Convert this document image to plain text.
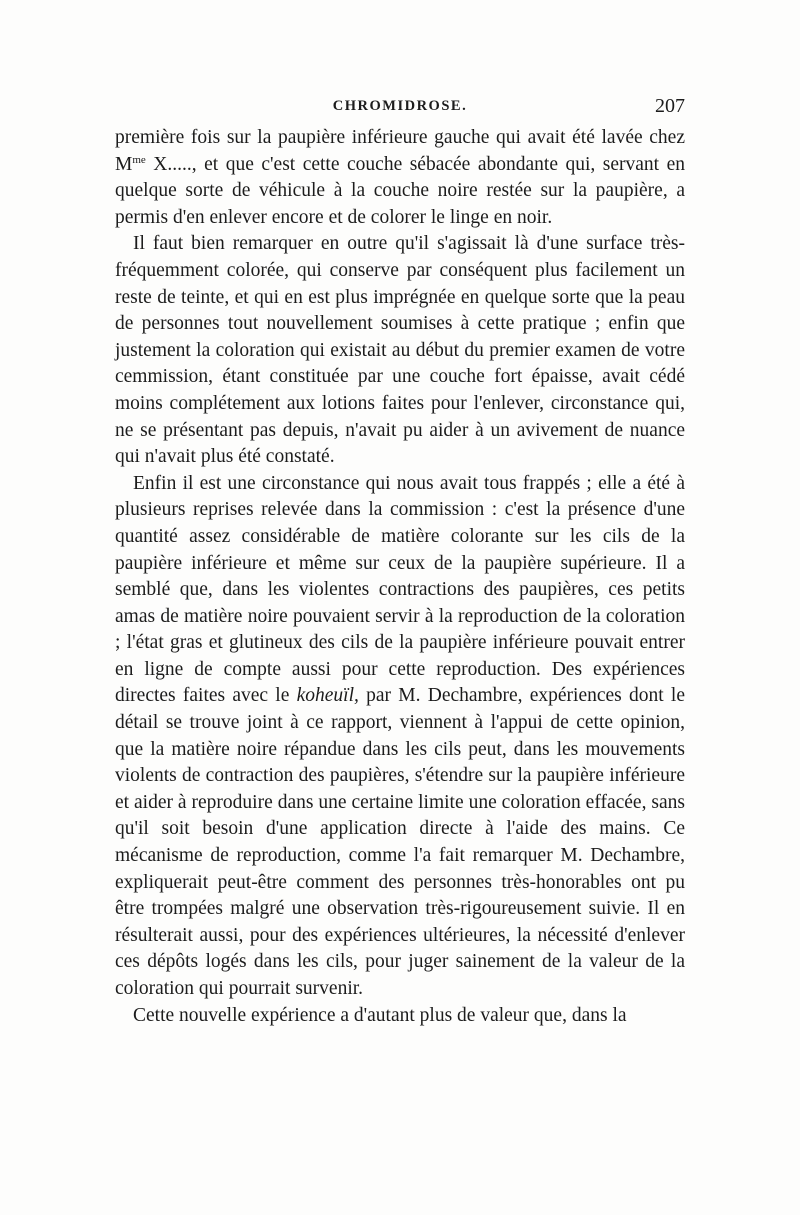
CHROMIDROSE.	207

première fois sur la paupière inférieure gauche qui avait été lavée chez $M^{me}$ X....., et que c'est cette couche sébacée abondante qui, servant en quelque sorte de véhicule à la couche noire restée sur la paupière, a permis d'en enlever encore et de colorer le linge en noir.

Il faut bien remarquer en outre qu'il s'agissait là d'une surface très-fréquemment colorée, qui conserve par conséquent plus facilement un reste de teinte, et qui en est plus imprégnée en quelque sorte que la peau de personnes tout nouvellement soumises à cette pratique ; enfin que justement la coloration qui existait au début du premier examen de votre cemmission, étant constituée par une couche fort épaisse, avait cédé moins complétement aux lotions faites pour l'enlever, circonstance qui, ne se présentant pas depuis, n'avait pu aider à un avivement de nuance qui n'avait plus été constaté.

Enfin il est une circonstance qui nous avait tous frappés ; elle a été à plusieurs reprises relevée dans la commission : c'est la présence d'une quantité assez considérable de matière colorante sur les cils de la paupière inférieure et même sur ceux de la paupière supérieure. Il a semblé que, dans les violentes contractions des paupières, ces petits amas de matière noire pouvaient servir à la reproduction de la coloration ; l'état gras et glutineux des cils de la paupière inférieure pouvait entrer en ligne de compte aussi pour cette reproduction. Des expériences directes faites avec le koheuïl, par M. Dechambre, expériences dont le détail se trouve joint à ce rapport, viennent à l'appui de cette opinion, que la matière noire répandue dans les cils peut, dans les mouvements violents de contraction des paupières, s'étendre sur la paupière inférieure et aider à reproduire dans une certaine limite une coloration effacée, sans qu'il soit besoin d'une application directe à l'aide des mains. Ce mécanisme de reproduction, comme l'a fait remarquer M. Dechambre, expliquerait peut-être comment des personnes très-honorables ont pu être trompées malgré une observation très-rigoureusement suivie. Il en résulterait aussi, pour des expériences ultérieures, la nécessité d'enlever ces dépôts logés dans les cils, pour juger sainement de la valeur de la coloration qui pourrait survenir.

Cette nouvelle expérience a d'autant plus de valeur que, dans la
